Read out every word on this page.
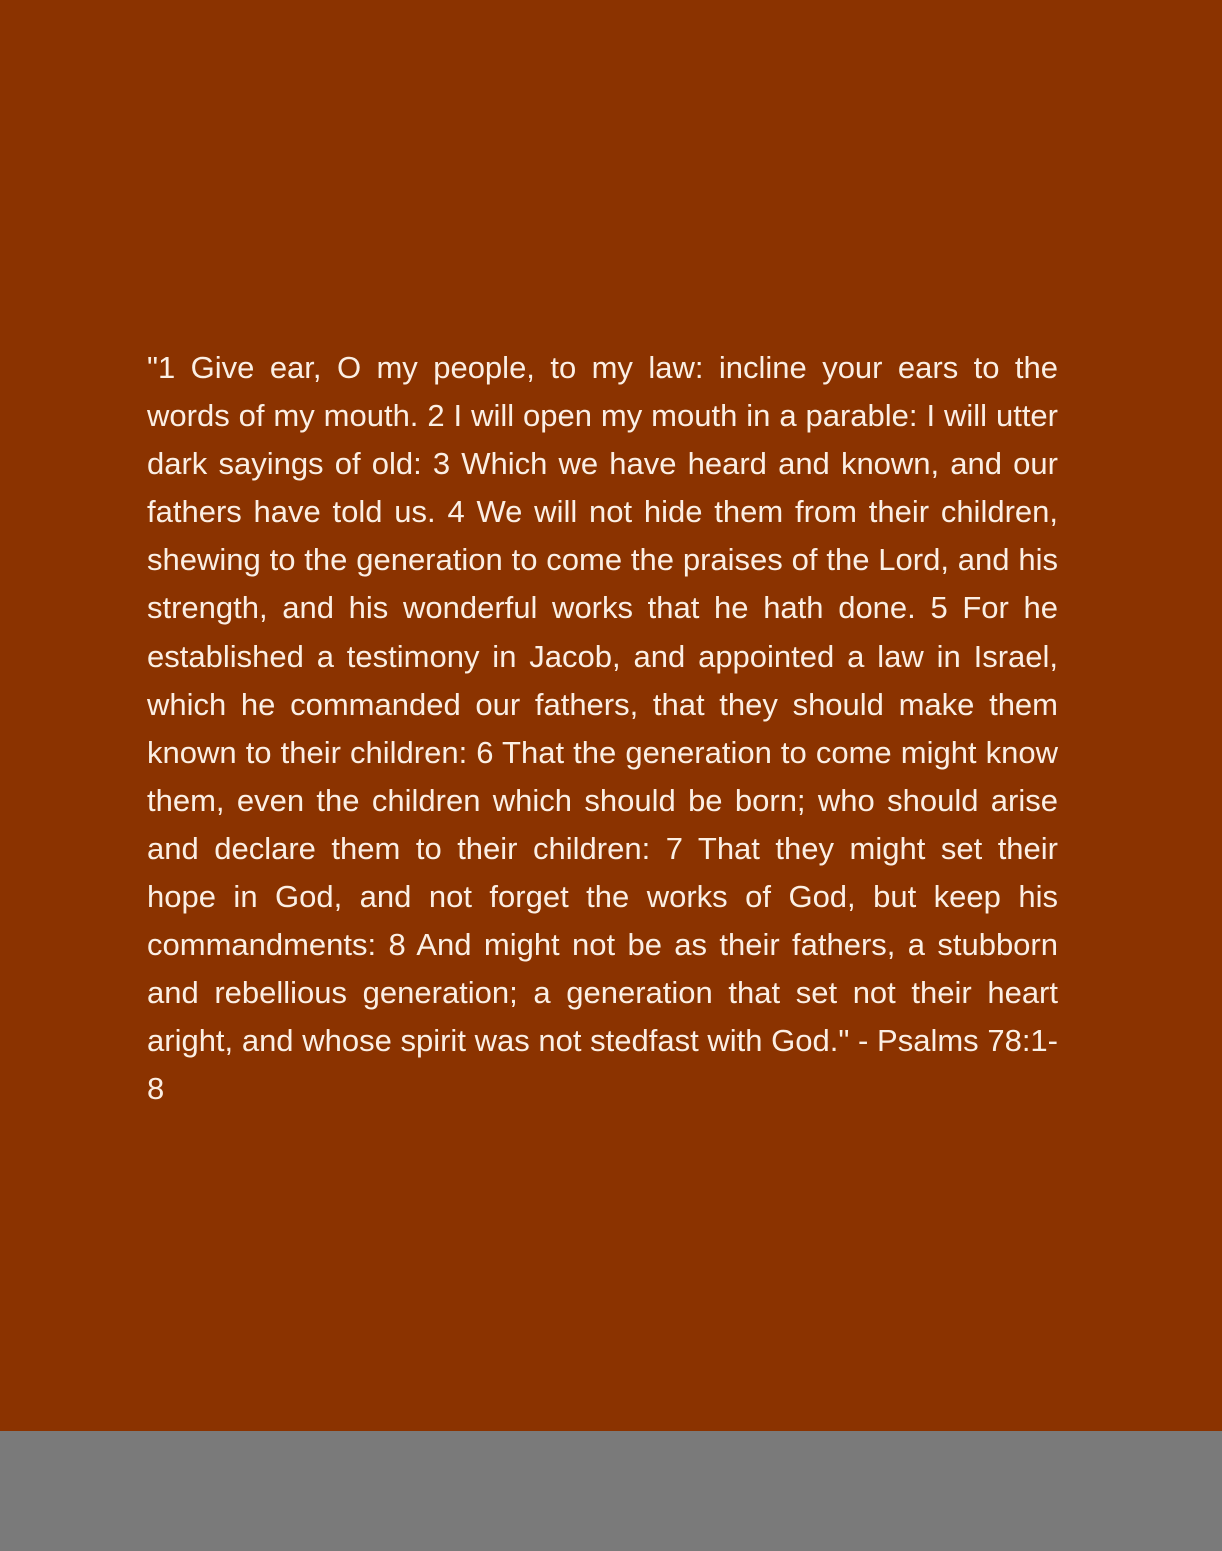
"1 Give ear, O my people, to my law: incline your ears to the words of my mouth. 2 I will open my mouth in a parable: I will utter dark sayings of old: 3 Which we have heard and known, and our fathers have told us. 4 We will not hide them from their children, shewing to the generation to come the praises of the Lord, and his strength, and his wonderful works that he hath done. 5 For he established a testimony in Jacob, and appointed a law in Israel, which he commanded our fathers, that they should make them known to their children: 6 That the generation to come might know them, even the children which should be born; who should arise and declare them to their children: 7 That they might set their hope in God, and not forget the works of God, but keep his commandments: 8 And might not be as their fathers, a stubborn and rebellious generation; a generation that set not their heart aright, and whose spirit was not stedfast with God." - Psalms 78:1-8
